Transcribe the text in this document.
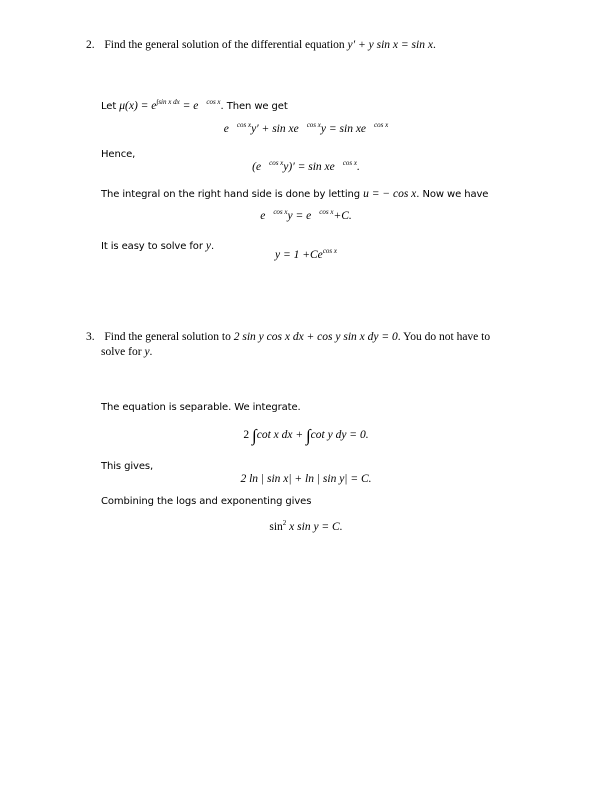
2. Find the general solution of the differential equation y′ + y sin x = sin x.
Let $\mu(x) = e^{\int sin x dx} = e$ $^{cos x}$. Then we get
e $^{cos x}$y′ + sin xe $^{cos x}$y = sin xe $^{cos x}$
Hence,
(e $^{cos x}$y)′ = sin xe $^{cos x}$.
The integral on the right hand side is done by letting u = − cos x. Now we have
e $^{cos x}$y = e $^{cos x}$+C.
It is easy to solve for y.
$y = 1 +Ce^{cos x}$
3. Find the general solution to 2 sin y cos x dx + cos y sin x dy = 0. You do not have to
solve for y.
The equation is separable. We integrate.
2 ∫cot x dx + ∫cot y dy = 0.
This gives,
2 ln | sin x| + ln | sin y| = C.
Combining the logs and exponenting gives
$\sin^2 x$ sin y = C.
